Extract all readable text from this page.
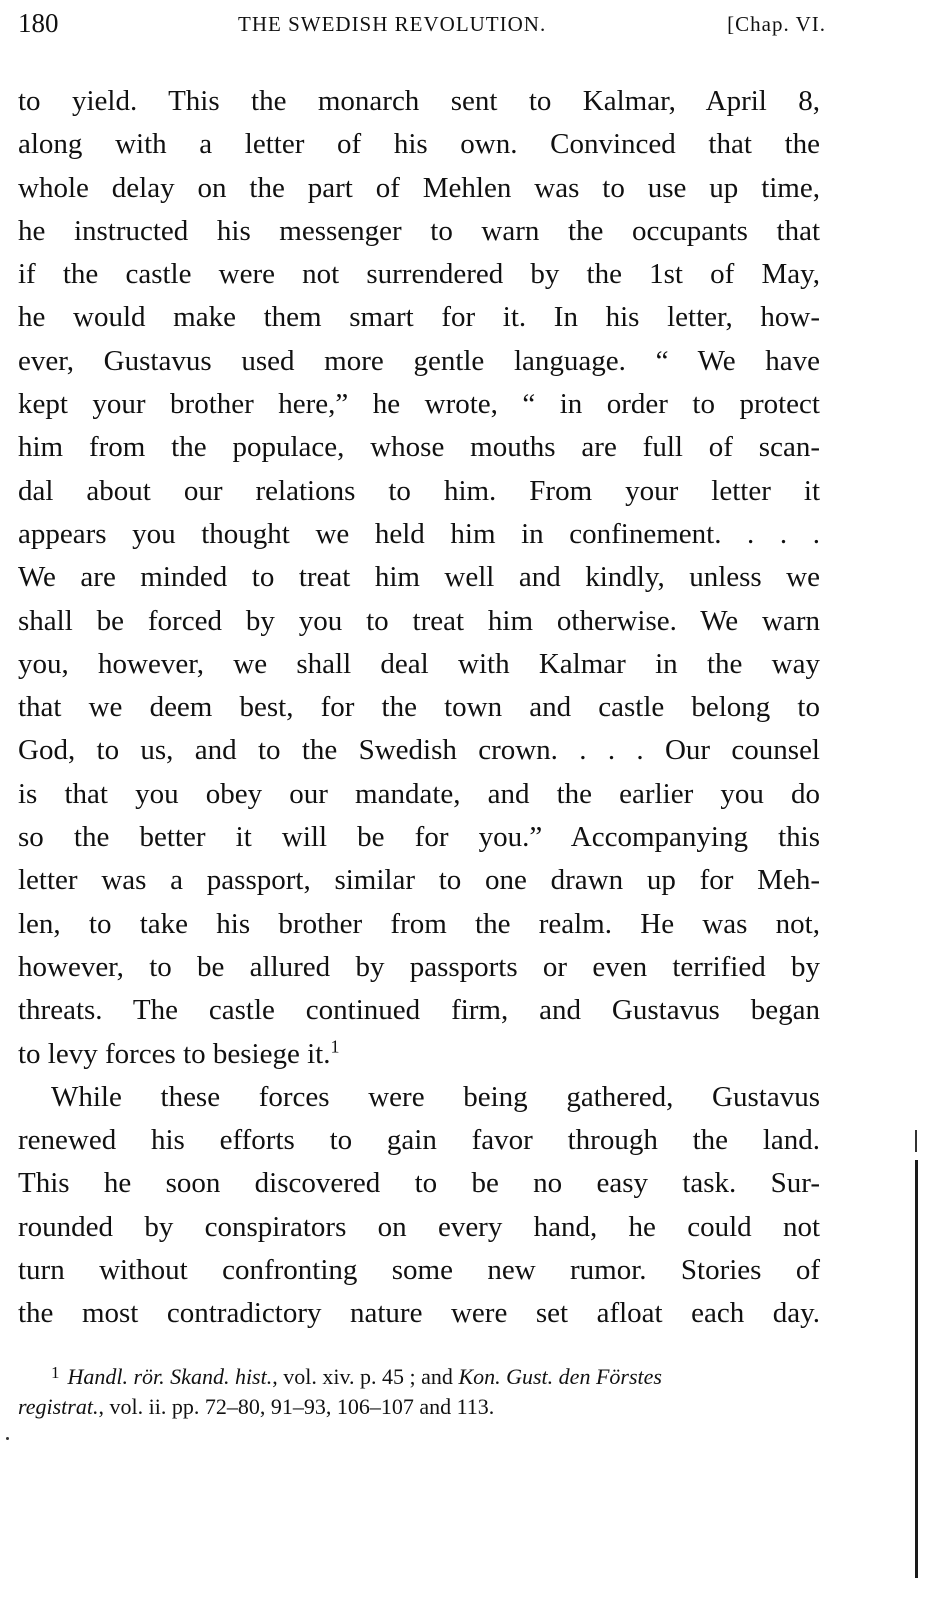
180	THE SWEDISH REVOLUTION.	[Chap. VI.
to yield. This the monarch sent to Kalmar, April 8,
along with a letter of his own. Convinced that the
whole delay on the part of Mehlen was to use up time,
he instructed his messenger to warn the occupants that
if the castle were not surrendered by the 1st of May,
he would make them smart for it. In his letter, how-
ever, Gustavus used more gentle language. “ We have
kept your brother here,” he wrote, “ in order to protect
him from the populace, whose mouths are full of scan-
dal about our relations to him. From your letter it
appears you thought we held him in confinement. . . .
We are minded to treat him well and kindly, unless we
shall be forced by you to treat him otherwise. We warn
you, however, we shall deal with Kalmar in the way
that we deem best, for the town and castle belong to
God, to us, and to the Swedish crown. . . . Our counsel
is that you obey our mandate, and the earlier you do
so the better it will be for you.” Accompanying this
letter was a passport, similar to one drawn up for Meh-
len, to take his brother from the realm. He was not,
however, to be allured by passports or even terrified by
threats. The castle continued firm, and Gustavus began
to levy forces to besiege it.$^1$
While these forces were being gathered, Gustavus
renewed his efforts to gain favor through the land.
This he soon discovered to be no easy task. Sur-
rounded by conspirators on every hand, he could not
turn without confronting some new rumor. Stories of
the most contradictory nature were set afloat each day.
$^1$ Handl. rör. Skand. hist., vol. xiv. p. 45 ; and Kon. Gust. den Förstes
registrat., vol. ii. pp. 72–80, 91–93, 106–107 and 113.
